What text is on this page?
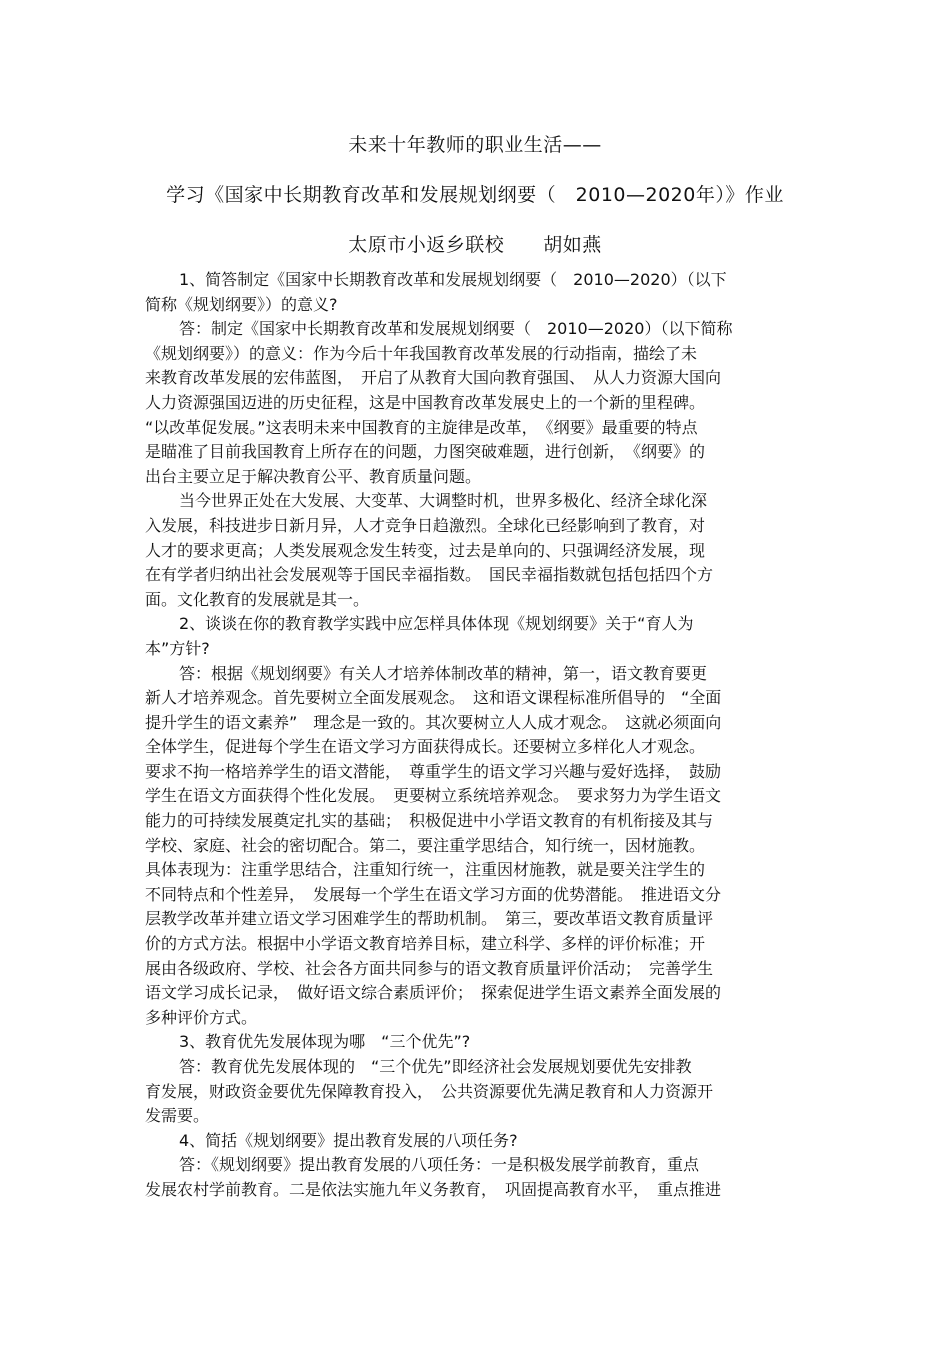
未来十年教师的职业生活——
学习《国家中长期教育改革和发展规划纲要（　2010—2020年）》作业
太原市小返乡联校　　胡如燕
1、简答制定《国家中长期教育改革和发展规划纲要（　2010—2020）（以下
简称《规划纲要》）的意义?
答：制定《国家中长期教育改革和发展规划纲要（　2010—2020）（以下简称
《规划纲要》）的意义：作为今后十年我国教育改革发展的行动指南，描绘了未
来教育改革发展的宏伟蓝图，　开启了从教育大国向教育强国、　从人力资源大国向
人力资源强国迈进的历史征程，这是中国教育改革发展史上的一个新的里程碑。
“以改革促发展。”这表明未来中国教育的主旋律是改革，　《纲要》最重要的特点
是瞄准了目前我国教育上所存在的问题，力图突破难题，进行创新，　《纲要》的
出台主要立足于解决教育公平、教育质量问题。
当今世界正处在大发展、大变革、大调整时机，世界多极化、经济全球化深
入发展，科技进步日新月异，人才竞争日趋激烈。全球化已经影响到了教育，对
人才的要求更高；人类发展观念发生转变，过去是单向的、只强调经济发展，现
在有学者归纳出社会发展观等于国民幸福指数。　国民幸福指数就包括包括四个方
面。文化教育的发展就是其一。
2、谈谈在你的教育教学实践中应怎样具体体现《规划纲要》关于“育人为
本”方针?
答：根据《规划纲要》有关人才培养体制改革的精神，第一，语文教育要更
新人才培养观念。首先要树立全面发展观念。　这和语文课程标准所倡导的　“全面
提升学生的语文素养”　理念是一致的。其次要树立人人成才观念。　这就必须面向
全体学生，促进每个学生在语文学习方面获得成长。还要树立多样化人才观念。
要求不拘一格培养学生的语文潜能，　尊重学生的语文学习兴趣与爱好选择，　鼓励
学生在语文方面获得个性化发展。　更要树立系统培养观念。　要求努力为学生语文
能力的可持续发展奠定扎实的基础；　积极促进中小学语文教育的有机衔接及其与
学校、家庭、社会的密切配合。第二，要注重学思结合，知行统一，因材施教。
具体表现为：注重学思结合，注重知行统一，注重因材施教，就是要关注学生的
不同特点和个性差异，　发展每一个学生在语文学习方面的优势潜能。　推进语文分
层教学改革并建立语文学习困难学生的帮助机制。　第三，要改革语文教育质量评
价的方式方法。根据中小学语文教育培养目标，建立科学、多样的评价标准；开
展由各级政府、学校、社会各方面共同参与的语文教育质量评价活动；　完善学生
语文学习成长记录，　做好语文综合素质评价；　探索促进学生语文素养全面发展的
多种评价方式。
3、教育优先发展体现为哪　“三个优先”?
答：教育优先发展体现的　“三个优先”即经济社会发展规划要优先安排教
育发展，财政资金要优先保障教育投入，　公共资源要优先满足教育和人力资源开
发需要。
4、简括《规划纲要》提出教育发展的八项任务?
答：《规划纲要》提出教育发展的八项任务：一是积极发展学前教育，重点
发展农村学前教育。二是依法实施九年义务教育，　巩固提高教育水平，　重点推进
